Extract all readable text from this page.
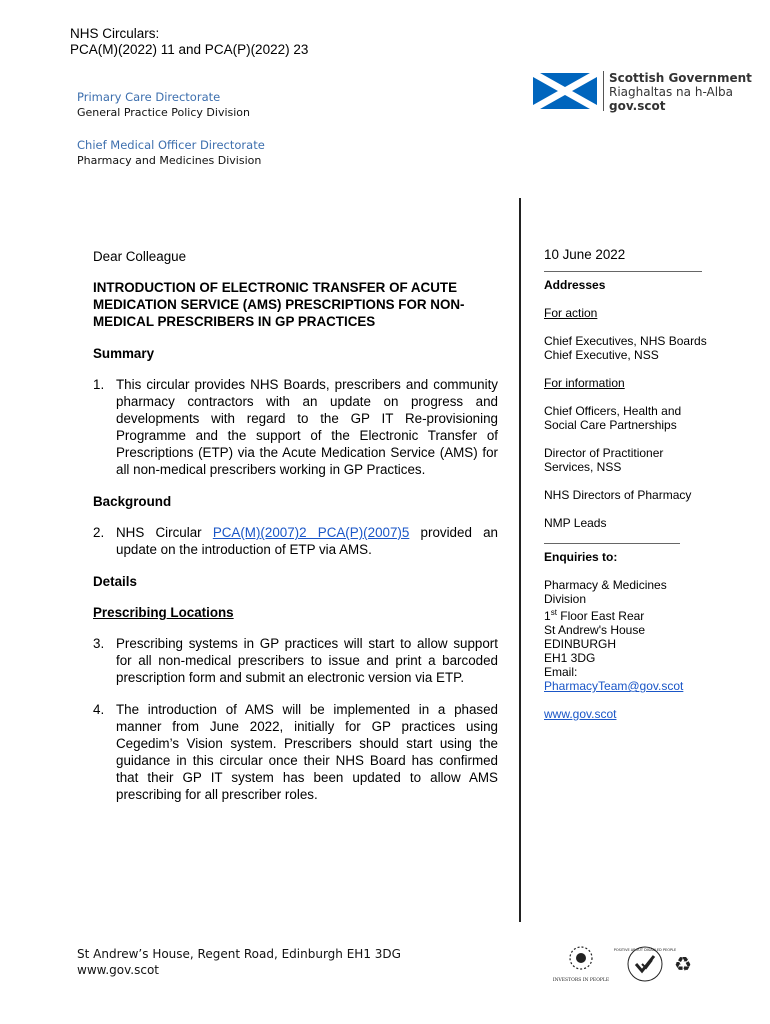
NHS Circulars:
PCA(M)(2022) 11 and PCA(P)(2022) 23
Primary Care Directorate
General Practice Policy Division
Chief Medical Officer Directorate
Pharmacy and Medicines Division
Scottish Government
Riaghaltas na h-Alba
gov.scot
Dear Colleague
INTRODUCTION OF ELECTRONIC TRANSFER OF ACUTE MEDICATION SERVICE (AMS) PRESCRIPTIONS FOR NON-MEDICAL PRESCRIBERS IN GP PRACTICES
Summary
1. This circular provides NHS Boards, prescribers and community pharmacy contractors with an update on progress and developments with regard to the GP IT Re-provisioning Programme and the support of the Electronic Transfer of Prescriptions (ETP) via the Acute Medication Service (AMS) for all non-medical prescribers working in GP Practices.
Background
2. NHS Circular PCA(M)(2007)2 PCA(P)(2007)5 provided an update on the introduction of ETP via AMS.
Details
Prescribing Locations
3. Prescribing systems in GP practices will start to allow support for all non-medical prescribers to issue and print a barcoded prescription form and submit an electronic version via ETP.
4. The introduction of AMS will be implemented in a phased manner from June 2022, initially for GP practices using Cegedim’s Vision system. Prescribers should start using the guidance in this circular once their NHS Board has confirmed that their GP IT system has been updated to allow AMS prescribing for all prescriber roles.
10 June 2022
Addresses
For action
Chief Executives, NHS Boards
Chief Executive, NSS
For information
Chief Officers, Health and
Social Care Partnerships
Director of Practitioner
Services, NSS
NHS Directors of Pharmacy
NMP Leads
Enquiries to:
Pharmacy & Medicines
Division
1st Floor East Rear
St Andrew's House
EDINBURGH
EH1 3DG
Email:
PharmacyTeam@gov.scot
www.gov.scot
St Andrew’s House, Regent Road, Edinburgh EH1 3DG
www.gov.scot
INVESTORS IN PEOPLE
POSITIVE ABOUT DISABLED PEOPLE
♻
